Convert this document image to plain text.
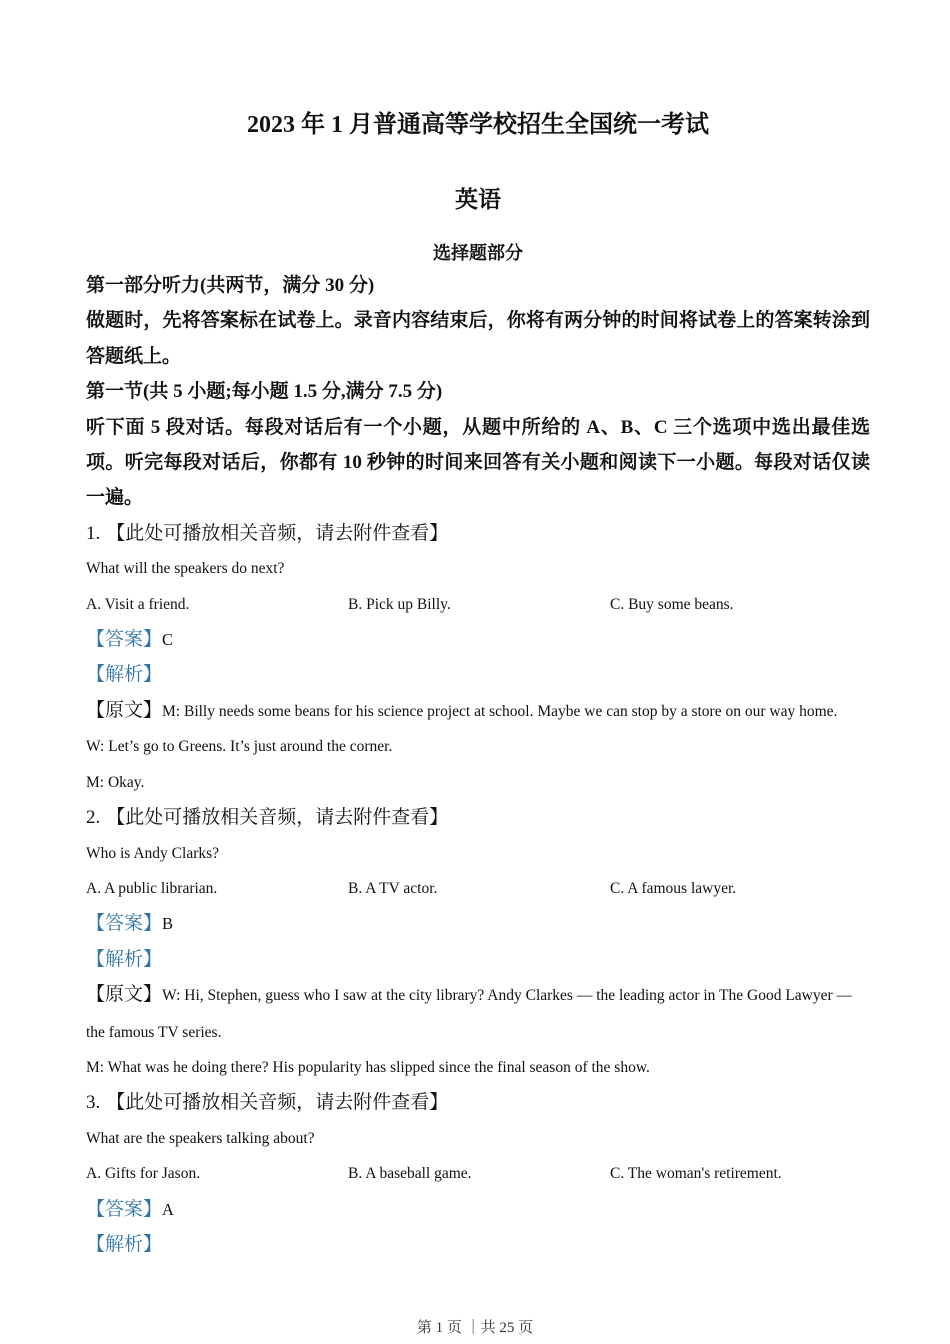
2023 年 1 月普通高等学校招生全国统一考试
英语
选择题部分

第一部分听力(共两节，满分 30 分)

做题时，先将答案标在试卷上。录音内容结束后，你将有两分钟的时间将试卷上的答案转涂到答题纸上。

第一节(共 5 小题;每小题 1.5 分,满分 7.5 分)

听下面 5 段对话。每段对话后有一个小题，从题中所给的 A、B、C 三个选项中选出最佳选项。听完每段对话后，你都有 10 秒钟的时间来回答有关小题和阅读下一小题。每段对话仅读一遍。

1. 【此处可播放相关音频，请去附件查看】

What will the speakers do next?

A. Visit a friend.	B. Pick up Billy.	C. Buy some beans.

【答案】C

【解析】

【原文】M: Billy needs some beans for his science project at school. Maybe we can stop by a store on our way home.

W: Let’s go to Greens. It’s just around the corner.

M: Okay.

2. 【此处可播放相关音频，请去附件查看】

Who is Andy Clarks?

A. A public librarian.	B. A TV actor.	C. A famous lawyer.

【答案】B

【解析】

【原文】W: Hi, Stephen, guess who I saw at the city library? Andy Clarkes — the leading actor in The Good Lawyer — the famous TV series.

M: What was he doing there? His popularity has slipped since the final season of the show.

3. 【此处可播放相关音频，请去附件查看】

What are the speakers talking about?

A. Gifts for Jason.	B. A baseball game.	C. The woman's retirement.

【答案】A

【解析】

第 1 页 ｜共 25 页
